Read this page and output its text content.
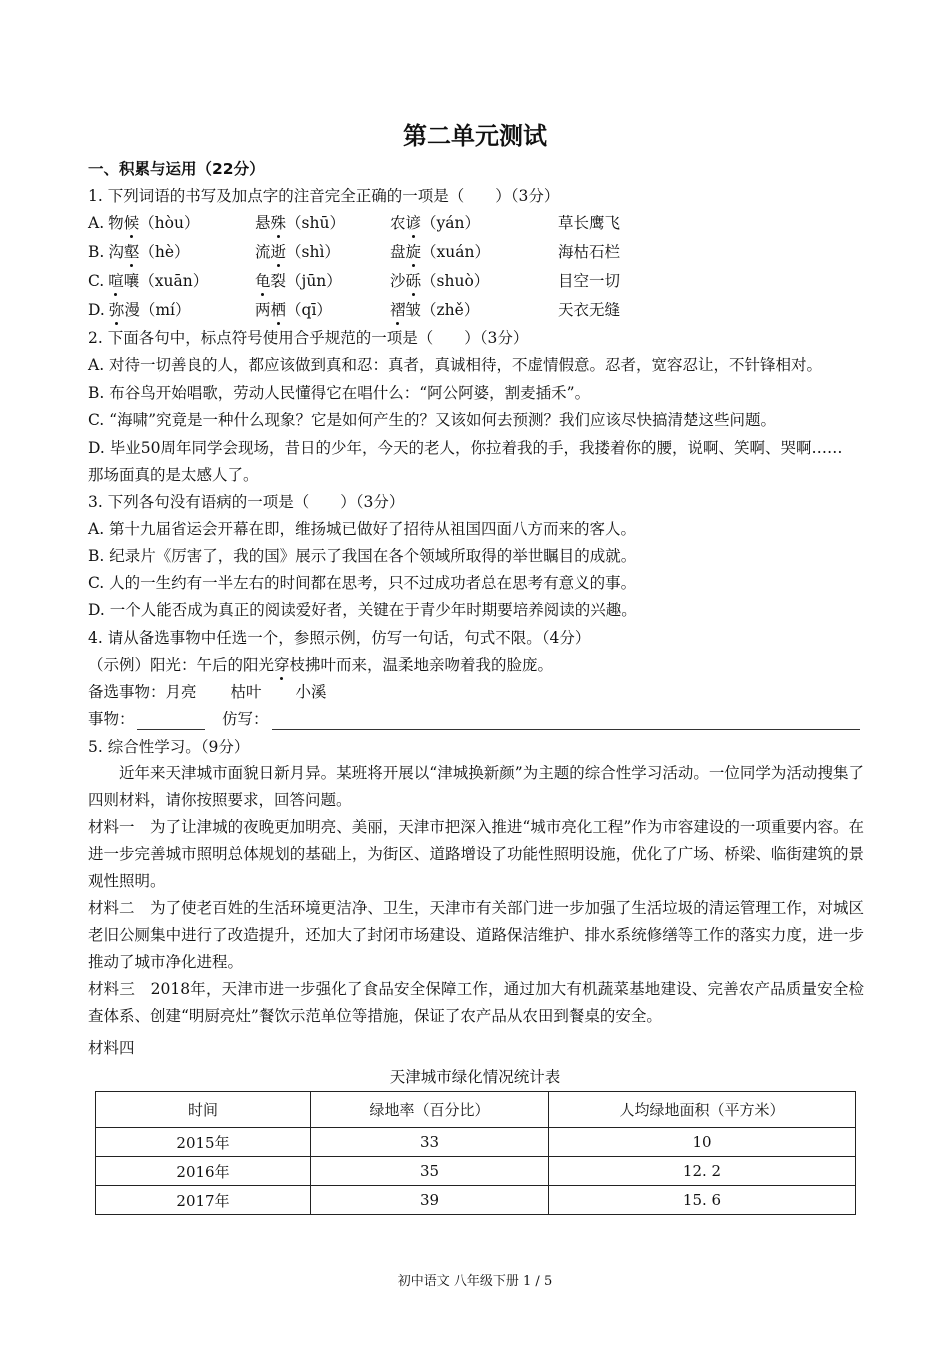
第二单元测试
一、积累与运用（22分）
1. 下列词语的书写及加点字的注音完全正确的一项是（　　）（3分）
A. 物候（hòu）	悬殊（shū）	农谚（yán）	草长鹰飞
B. 沟壑（hè）	流逝（shì）	盘旋（xuán）	海枯石栏
C. 喧嚷（xuān）	龟裂（jūn）	沙砾（shuò）	目空一切
D. 弥漫（mí）	两栖（qī）	褶皱（zhě）	天衣无缝
2. 下面各句中，标点符号使用合乎规范的一项是（　　）（3分）
A. 对待一切善良的人，都应该做到真和忍：真者，真诚相待，不虚情假意。忍者，宽容忍让，不针锋相对。
B. 布谷鸟开始唱歌，劳动人民懂得它在唱什么：“阿公阿婆，割麦插禾”。
C. “海啸”究竟是一种什么现象？它是如何产生的？又该如何去预测？我们应该尽快搞清楚这些问题。
D. 毕业50周年同学会现场，昔日的少年，今天的老人，你拉着我的手，我搂着你的腰，说啊、笑啊、哭啊……
那场面真的是太感人了。
3. 下列各句没有语病的一项是（　　）（3分）
A. 第十九届省运会开幕在即，维扬城已做好了招待从祖国四面八方而来的客人。
B. 纪录片《厉害了，我的国》展示了我国在各个领域所取得的举世瞩目的成就。
C. 人的一生约有一半左右的时间都在思考，只不过成功者总在思考有意义的事。
D. 一个人能否成为真正的阅读爱好者，关键在于青少年时期要培养阅读的兴趣。
4. 请从备选事物中任选一个，参照示例，仿写一句话，句式不限。（4分）
（示例）阳光：午后的阳光穿枝拂叶而来，温柔地亲吻着我的脸庞。
备选事物：月亮 枯叶 小溪
事物：	仿写：
5. 综合性学习。（9分）
近年来天津城市面貌日新月异。某班将开展以“津城换新颜”为主题的综合性学习活动。一位同学为活动搜集了四则材料，请你按照要求，回答问题。
材料一　为了让津城的夜晚更加明亮、美丽，天津市把深入推进“城市亮化工程”作为市容建设的一项重要内容。在进一步完善城市照明总体规划的基础上，为街区、道路增设了功能性照明设施，优化了广场、桥梁、临街建筑的景观性照明。
材料二　为了使老百姓的生活环境更洁净、卫生，天津市有关部门进一步加强了生活垃圾的清运管理工作，对城区老旧公厕集中进行了改造提升，还加大了封闭市场建设、道路保洁维护、排水系统修缮等工作的落实力度，进一步推动了城市净化进程。
材料三　2018年，天津市进一步强化了食品安全保障工作，通过加大有机蔬菜基地建设、完善农产品质量安全检查体系、创建“明厨亮灶”餐饮示范单位等措施，保证了农产品从农田到餐桌的安全。
材料四
天津城市绿化情况统计表
时间	绿地率（百分比）	人均绿地面积（平方米）
2015年	33	10
2016年	35	12. 2
2017年	39	15. 6
初中语文 八年级下册 1 / 5
